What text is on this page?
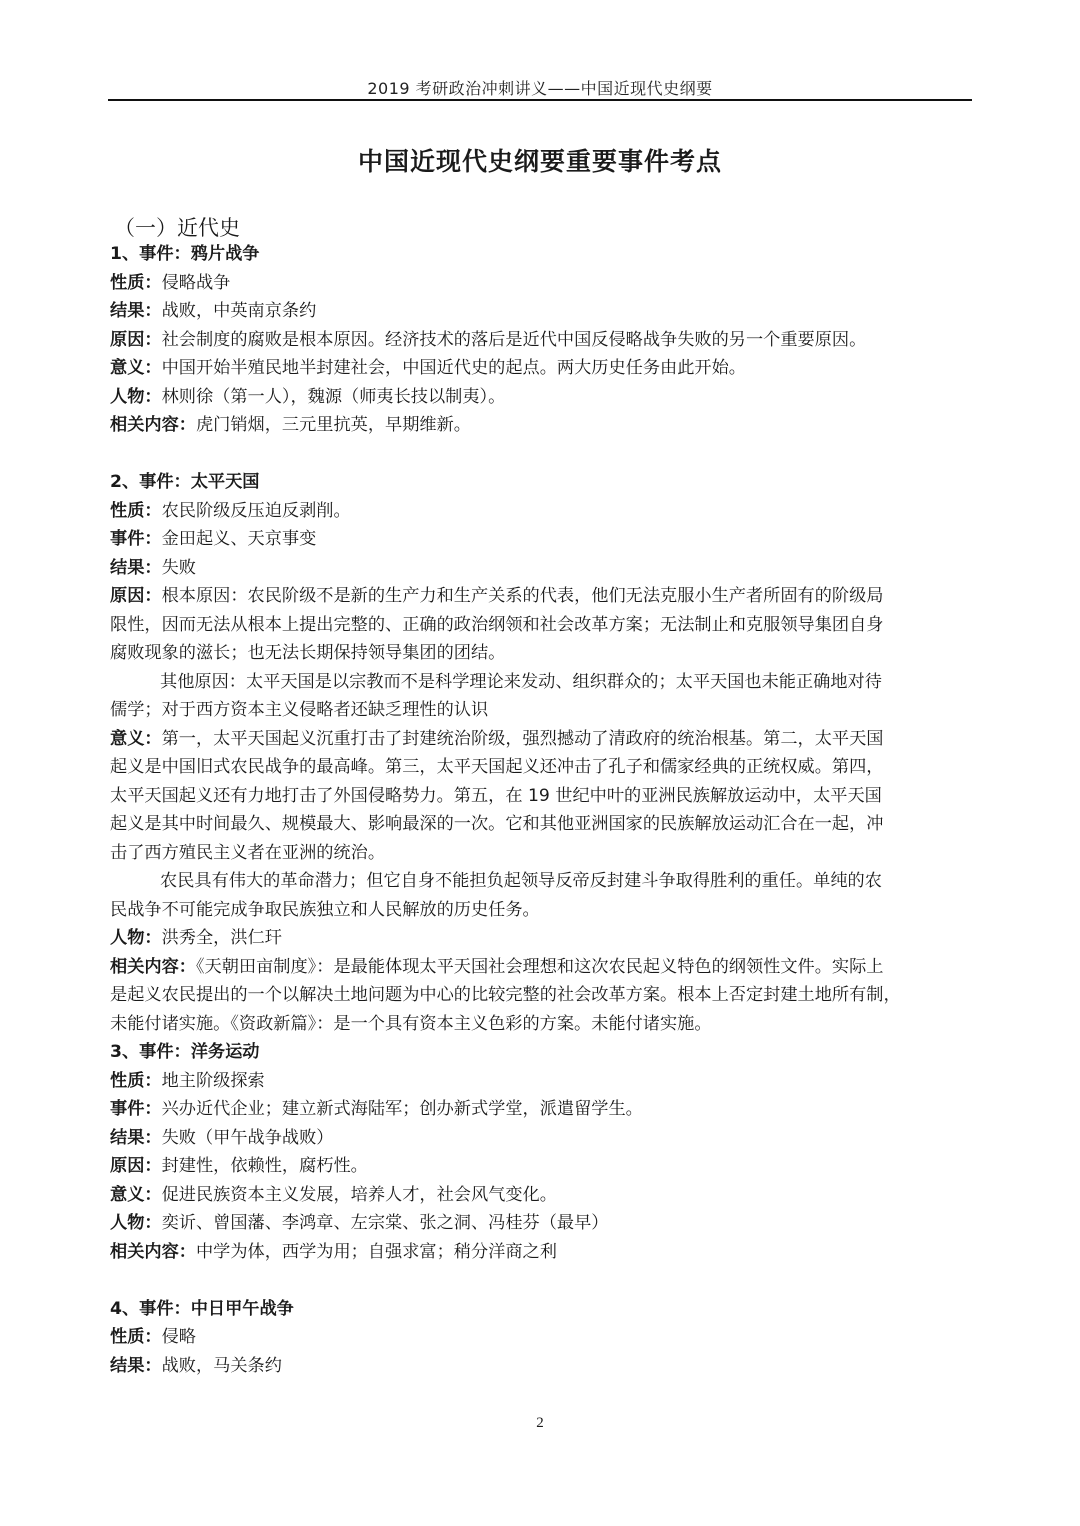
2019 考研政治冲刺讲义——中国近现代史纲要
中国近现代史纲要重要事件考点
（一）近代史
1、事件：鸦片战争
性质：侵略战争
结果：战败，中英南京条约
原因：社会制度的腐败是根本原因。经济技术的落后是近代中国反侵略战争失败的另一个重要原因。
意义：中国开始半殖民地半封建社会，中国近代史的起点。两大历史任务由此开始。
人物：林则徐（第一人），魏源（师夷长技以制夷）。
相关内容：虎门销烟，三元里抗英，早期维新。
2、事件：太平天国
性质：农民阶级反压迫反剥削。
事件：金田起义、天京事变
结果：失败
原因：根本原因：农民阶级不是新的生产力和生产关系的代表，他们无法克服小生产者所固有的阶级局
限性，因而无法从根本上提出完整的、正确的政治纲领和社会改革方案；无法制止和克服领导集团自身
腐败现象的滋长；也无法长期保持领导集团的团结。
其他原因：太平天国是以宗教而不是科学理论来发动、组织群众的；太平天国也未能正确地对待
儒学；对于西方资本主义侵略者还缺乏理性的认识
意义：第一，太平天国起义沉重打击了封建统治阶级，强烈撼动了清政府的统治根基。第二，太平天国
起义是中国旧式农民战争的最高峰。第三，太平天国起义还冲击了孔子和儒家经典的正统权威。第四，
太平天国起义还有力地打击了外国侵略势力。第五，在 19 世纪中叶的亚洲民族解放运动中，太平天国
起义是其中时间最久、规模最大、影响最深的一次。它和其他亚洲国家的民族解放运动汇合在一起，冲
击了西方殖民主义者在亚洲的统治。
农民具有伟大的革命潜力；但它自身不能担负起领导反帝反封建斗争取得胜利的重任。单纯的农
民战争不可能完成争取民族独立和人民解放的历史任务。
人物：洪秀全，洪仁玕
相关内容：《天朝田亩制度》：是最能体现太平天国社会理想和这次农民起义特色的纲领性文件。实际上
是起义农民提出的一个以解决土地问题为中心的比较完整的社会改革方案。根本上否定封建土地所有制，
未能付诸实施。《资政新篇》：是一个具有资本主义色彩的方案。未能付诸实施。
3、事件：洋务运动
性质：地主阶级探索
事件：兴办近代企业；建立新式海陆军；创办新式学堂，派遣留学生。
结果：失败（甲午战争战败）
原因：封建性，依赖性，腐朽性。
意义：促进民族资本主义发展，培养人才，社会风气变化。
人物：奕䜣、曾国藩、李鸿章、左宗棠、张之洞、冯桂芬（最早）
相关内容：中学为体，西学为用；自强求富；稍分洋商之利
4、事件：中日甲午战争
性质：侵略
结果：战败，马关条约
2
